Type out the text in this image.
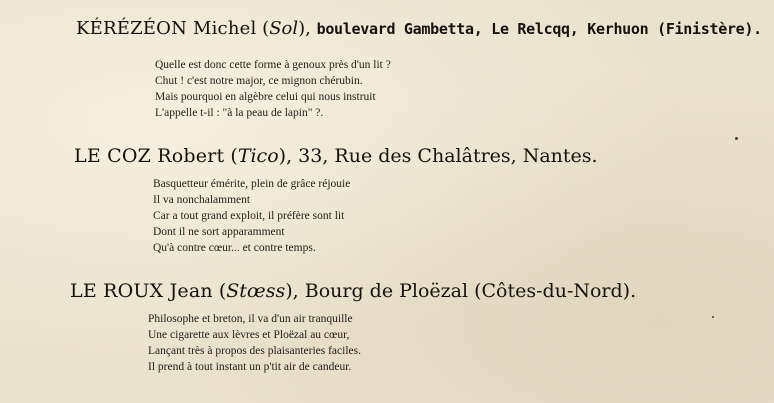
KÉRÉZÉON Michel (Sol), boulevard Gambetta, Le Relcqq, Kerhuon (Finistère).
Quelle est donc cette forme à genoux près d'un lit ?
Chut ! c'est notre major, ce mignon chérubin.
Mais pourquoi en algèbre celui qui nous instruit
L'appelle t-il : "à la peau de lapin" ?.
LE COZ Robert (Tico), 33, Rue des Chalâtres, Nantes.
Basquetteur émérite, plein de grâce réjouie
Il va nonchalamment
Car a tout grand exploit, il préfère sont lit
Dont il ne sort apparamment
Qu'à contre cœur... et contre temps.
LE ROUX Jean (Stœss), Bourg de Ploëzal (Côtes-du-Nord).
Philosophe et breton, il va d'un air tranquille
Une cigarette aux lèvres et Ploëzal au cœur,
Lançant très à propos des plaisanteries faciles.
Il prend à tout instant un p'tit air de candeur.
